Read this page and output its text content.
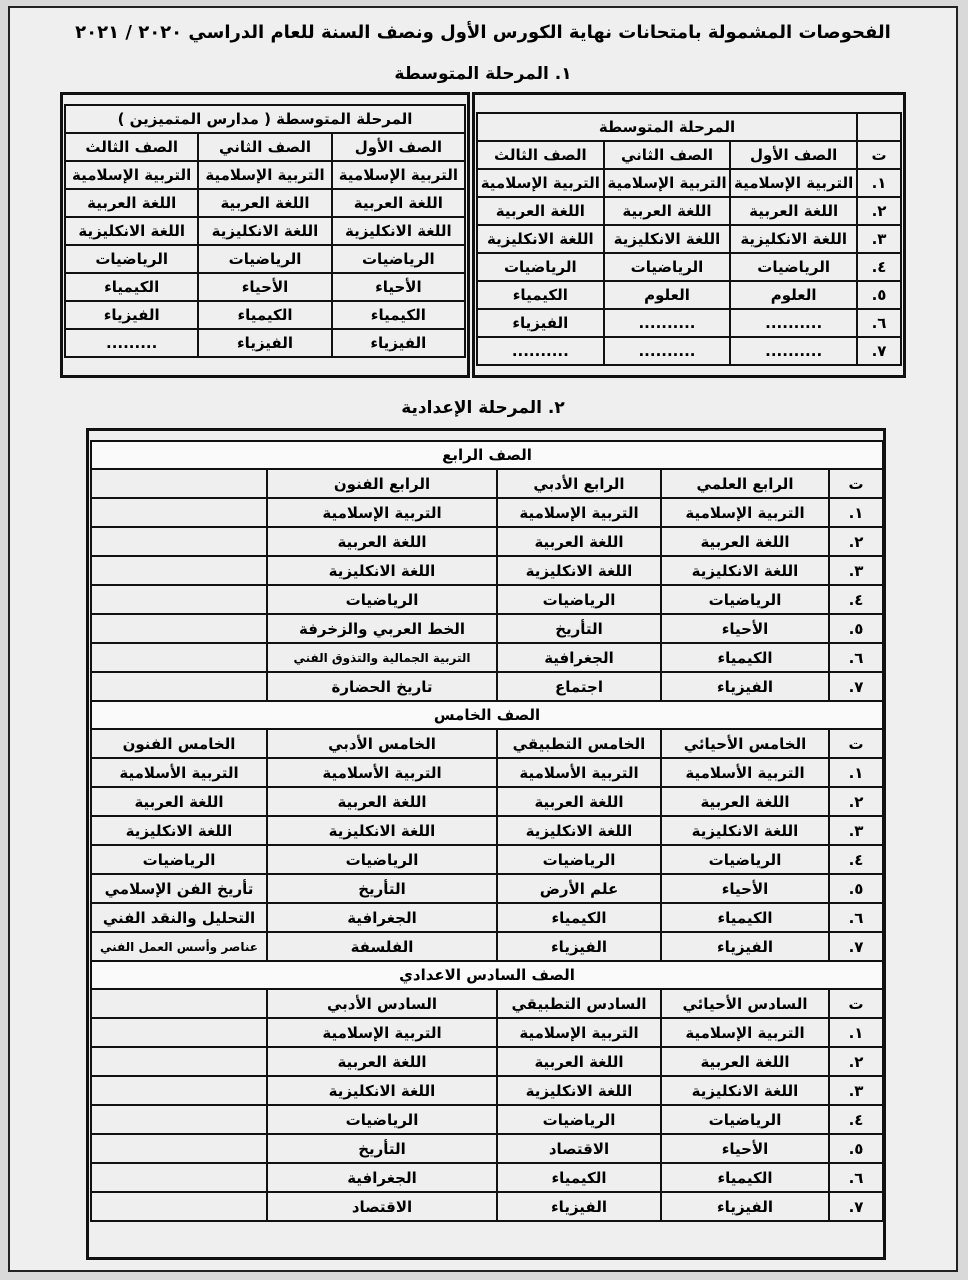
الفحوصات المشمولة بامتحانات نهاية الكورس الأول ونصف السنة للعام الدراسي ٢٠٢٠ / ٢٠٢١
١. المرحلة المتوسطة
المرحلة المتوسطة ( مدارس المتميزين )		
الصف الأول	الصف الثاني	الصف الثالث
التربية الإسلامية	التربية الإسلامية	التربية الإسلامية
اللغة العربية	اللغة العربية	اللغة العربية
اللغة الانكليزية	اللغة الانكليزية	اللغة الانكليزية
الرياضيات	الرياضيات	الرياضيات
الأحياء	الأحياء	الكيمياء
الكيمياء	الكيمياء	الفيزياء
الفيزياء	الفيزياء	.........
المرحلة المتوسطة			
الصف الثالث	الصف الثاني	الصف الأول	ت
التربية الإسلامية	التربية الإسلامية	التربية الإسلامية	١.
اللغة العربية	اللغة العربية	اللغة العربية	٢.
اللغة الانكليزية	اللغة الانكليزية	اللغة الانكليزية	٣.
الرياضيات	الرياضيات	الرياضيات	٤.
الكيمياء	العلوم	العلوم	٥.
الفيزياء	..........	..........	٦.
..........	..........	..........	٧.
٢. المرحلة الإعدادية
الصف الرابع				
	الرابع الفنون	الرابع الأدبي	الرابع العلمي	ت
	التربية الإسلامية	التربية الإسلامية	التربية الإسلامية	١.
	اللغة العربية	اللغة العربية	اللغة العربية	٢.
	اللغة الانكليزية	اللغة الانكليزية	اللغة الانكليزية	٣.
	الرياضيات	الرياضيات	الرياضيات	٤.
	الخط العربي والزخرفة	التأريخ	الأحياء	٥.
	التربية الجمالية والتذوق الفني	الجغرافية	الكيمياء	٦.
	تاريخ الحضارة	اجتماع	الفيزياء	٧.
الصف الخامس				
الخامس الفنون	الخامس الأدبي	الخامس التطبيقي	الخامس الأحيائي	ت
التربية الأسلامية	التربية الأسلامية	التربية الأسلامية	التربية الأسلامية	١.
اللغة العربية	اللغة العربية	اللغة العربية	اللغة العربية	٢.
اللغة الانكليزية	اللغة الانكليزية	اللغة الانكليزية	اللغة الانكليزية	٣.
الرياضيات	الرياضيات	الرياضيات	الرياضيات	٤.
تأريخ الفن الإسلامي	التأريخ	علم الأرض	الأحياء	٥.
التحليل والنقد الفني	الجغرافية	الكيمياء	الكيمياء	٦.
عناصر وأسس العمل الفني	الفلسفة	الفيزياء	الفيزياء	٧.
الصف السادس الاعدادي				
	السادس الأدبي	السادس التطبيقي	السادس الأحيائي	ت
	التربية الإسلامية	التربية الإسلامية	التربية الإسلامية	١.
	اللغة العربية	اللغة العربية	اللغة العربية	٢.
	اللغة الانكليزية	اللغة الانكليزية	اللغة الانكليزية	٣.
	الرياضيات	الرياضيات	الرياضيات	٤.
	التأريخ	الاقتصاد	الأحياء	٥.
	الجغرافية	الكيمياء	الكيمياء	٦.
	الاقتصاد	الفيزياء	الفيزياء	٧.
